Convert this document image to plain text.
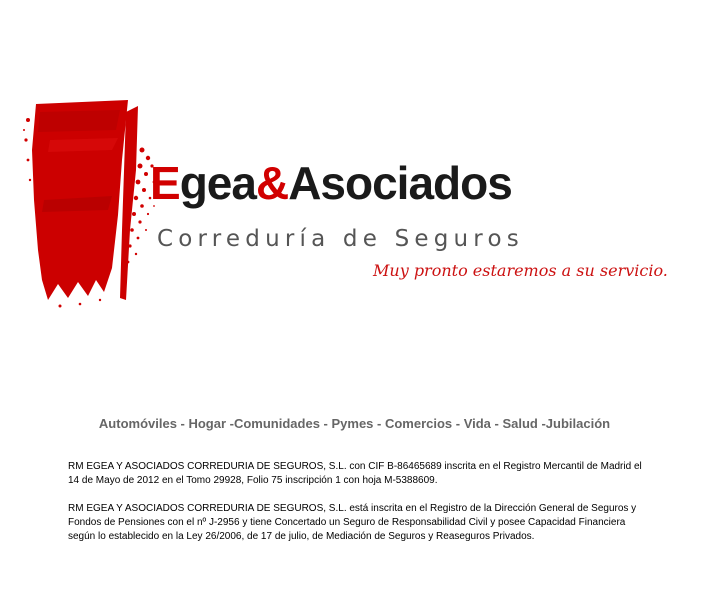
Egea&Asociados
Correduría de Seguros
Muy pronto estaremos a su servicio.
Automóviles - Hogar -Comunidades - Pymes - Comercios - Vida - Salud -Jubilación
RM EGEA Y ASOCIADOS CORREDURIA DE SEGUROS, S.L. con CIF B-86465689 inscrita en el Registro Mercantil de Madrid el 14 de Mayo de 2012 en el Tomo 29928, Folio 75 inscripción 1 con hoja M-5388609.
RM EGEA Y ASOCIADOS CORREDURIA DE SEGUROS, S.L. está inscrita en el Registro de la Dirección General de Seguros y Fondos de Pensiones con el nº J-2956 y tiene Concertado un Seguro de Responsabilidad Civil y posee Capacidad Financiera según lo establecido en la Ley 26/2006, de 17 de julio, de Mediación de Seguros y Reaseguros Privados.
